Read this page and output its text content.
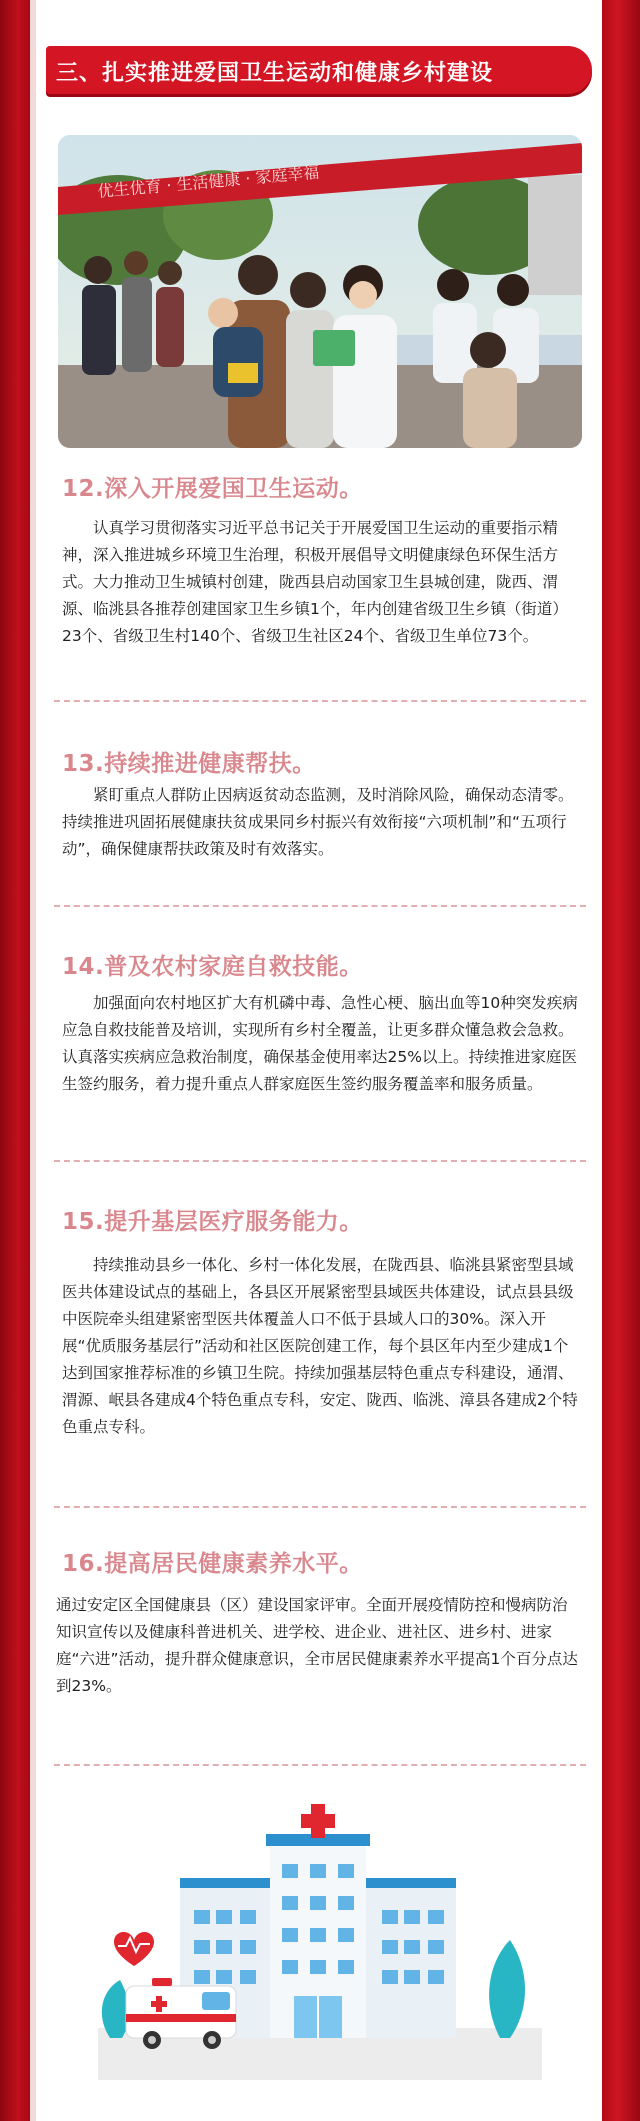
三、扎实推进爱国卫生运动和健康乡村建设
优生优育 · 生活健康 · 家庭幸福
12.深入开展爱国卫生运动。

认真学习贯彻落实习近平总书记关于开展爱国卫生运动的重要指示精神，深入推进城乡环境卫生治理，积极开展倡导文明健康绿色环保生活方式。大力推动卫生城镇村创建，陇西县启动国家卫生县城创建，陇西、渭源、临洮县各推荐创建国家卫生乡镇1个，年内创建省级卫生乡镇（街道）23个、省级卫生村140个、省级卫生社区24个、省级卫生单位73个。

13.持续推进健康帮扶。

紧盯重点人群防止因病返贫动态监测，及时消除风险，确保动态清零。持续推进巩固拓展健康扶贫成果同乡村振兴有效衔接“六项机制”和“五项行动”，确保健康帮扶政策及时有效落实。

14.普及农村家庭自救技能。

加强面向农村地区扩大有机磷中毒、急性心梗、脑出血等10种突发疾病应急自救技能普及培训，实现所有乡村全覆盖，让更多群众懂急救会急救。认真落实疾病应急救治制度，确保基金使用率达25%以上。持续推进家庭医生签约服务，着力提升重点人群家庭医生签约服务覆盖率和服务质量。

15.提升基层医疗服务能力。

持续推动县乡一体化、乡村一体化发展，在陇西县、临洮县紧密型县域医共体建设试点的基础上，各县区开展紧密型县域医共体建设，试点县县级中医院牵头组建紧密型医共体覆盖人口不低于县域人口的30%。深入开展“优质服务基层行”活动和社区医院创建工作，每个县区年内至少建成1个达到国家推荐标准的乡镇卫生院。持续加强基层特色重点专科建设，通渭、渭源、岷县各建成4个特色重点专科，安定、陇西、临洮、漳县各建成2个特色重点专科。

16.提高居民健康素养水平。

通过安定区全国健康县（区）建设国家评审。全面开展疫情防控和慢病防治知识宣传以及健康科普进机关、进学校、进企业、进社区、进乡村、进家庭“六进”活动，提升群众健康意识，全市居民健康素养水平提高1个百分点达到23%。
